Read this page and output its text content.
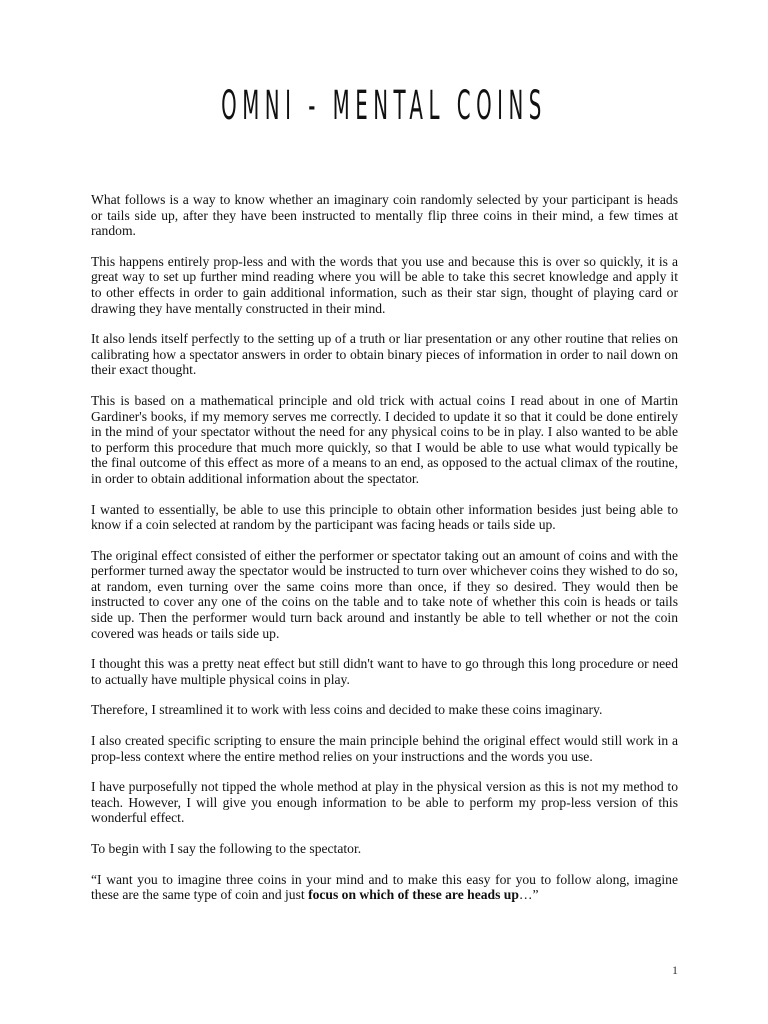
OMNI - MENTAL COINS

What follows is a way to know whether an imaginary coin randomly selected by your participant is heads or tails side up, after they have been instructed to mentally flip three coins in their mind, a few times at random.

This happens entirely prop-less and with the words that you use and because this is over so quickly, it is a great way to set up further mind reading where you will be able to take this secret knowledge and apply it to other effects in order to gain additional information, such as their star sign, thought of playing card or drawing they have mentally constructed in their mind.

It also lends itself perfectly to the setting up of a truth or liar presentation or any other routine that relies on calibrating how a spectator answers in order to obtain binary pieces of information in order to nail down on their exact thought.

This is based on a mathematical principle and old trick with actual coins I read about in one of Martin Gardiner's books, if my memory serves me correctly. I decided to update it so that it could be done entirely in the mind of your spectator without the need for any physical coins to be in play. I also wanted to be able to perform this procedure that much more quickly, so that I would be able to use what would typically be the final outcome of this effect as more of a means to an end, as opposed to the actual climax of the routine, in order to obtain additional information about the spectator.

I wanted to essentially, be able to use this principle to obtain other information besides just being able to know if a coin selected at random by the participant was facing heads or tails side up.

The original effect consisted of either the performer or spectator taking out an amount of coins and with the performer turned away the spectator would be instructed to turn over whichever coins they wished to do so, at random, even turning over the same coins more than once, if they so desired. They would then be instructed to cover any one of the coins on the table and to take note of whether this coin is heads or tails side up. Then the performer would turn back around and instantly be able to tell whether or not the coin covered was heads or tails side up.

I thought this was a pretty neat effect but still didn't want to have to go through this long procedure or need to actually have multiple physical coins in play.

Therefore, I streamlined it to work with less coins and decided to make these coins imaginary.

I also created specific scripting to ensure the main principle behind the original effect would still work in a prop-less context where the entire method relies on your instructions and the words you use.

I have purposefully not tipped the whole method at play in the physical version as this is not my method to teach. However, I will give you enough information to be able to perform my prop-less version of this wonderful effect.

To begin with I say the following to the spectator.

“I want you to imagine three coins in your mind and to make this easy for you to follow along, imagine these are the same type of coin and just focus on which of these are heads up…”

1
